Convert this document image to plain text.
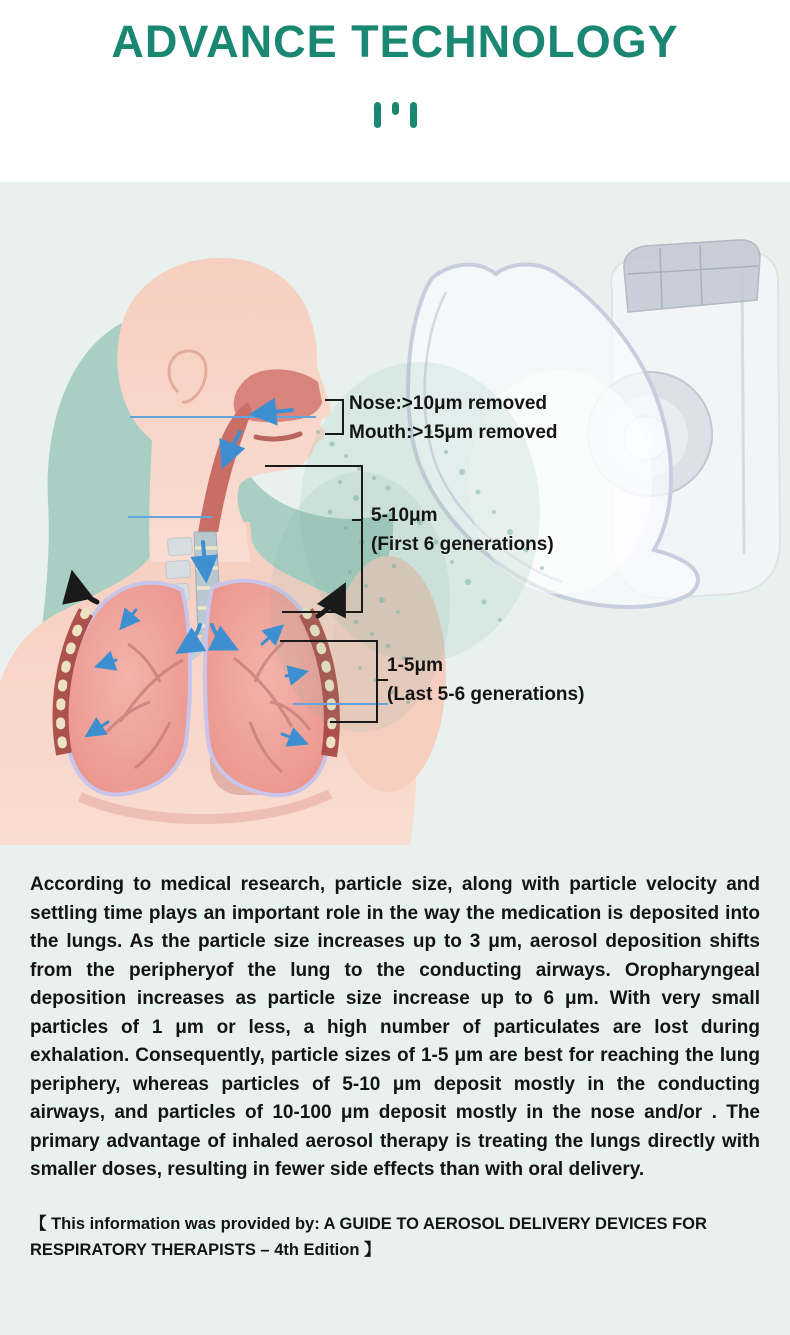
ADVANCE TECHNOLOGY
Nose:>10μm removed
Mouth:>15μm removed
5-10μm
(First 6 generations)
1-5μm
(Last 5-6 generations)

According to medical research, particle size, along with particle velocity and settling time plays an important role in the way the medication is deposited into the lungs. As the particle size increases up to 3 μm, aerosol deposition shifts from the peripheryof the lung to the conducting airways. Oropharyngeal deposition increases as particle size increase up to 6 μm. With very small particles of 1 μm or less, a high number of particulates are lost during exhalation. Consequently, particle sizes of 1-5 μm are best for reaching the lung periphery, whereas particles of 5-10 μm deposit mostly in the conducting airways, and particles of 10-100 μm deposit mostly in the nose and/or . The primary advantage of inhaled aerosol therapy is treating the lungs directly with smaller doses, resulting in fewer side effects than with oral delivery.

【 This information was provided by: A GUIDE TO AEROSOL DELIVERY DEVICES FOR RESPIRATORY THERAPISTS – 4th Edition 】
